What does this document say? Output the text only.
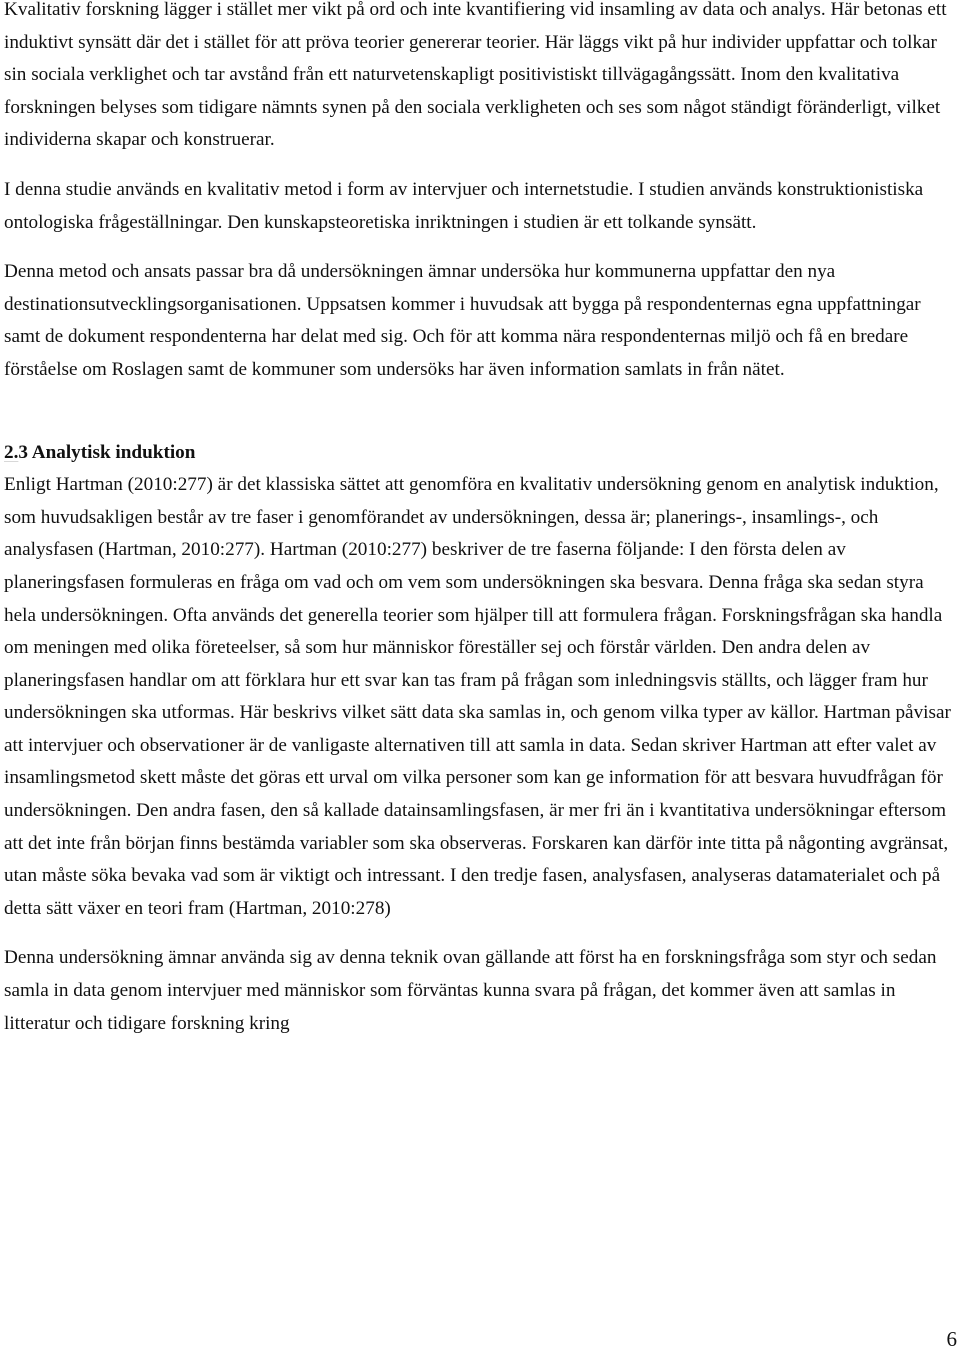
Kvalitativ forskning lägger i stället mer vikt på ord och inte kvantifiering vid insamling av data och analys. Här betonas ett induktivt synsätt där det i stället för att pröva teorier genererar teorier. Här läggs vikt på hur individer uppfattar och tolkar sin sociala verklighet och tar avstånd från ett naturvetenskapligt positivistiskt tillvägagångssätt. Inom den kvalitativa forskningen belyses som tidigare nämnts synen på den sociala verkligheten och ses som något ständigt föränderligt, vilket individerna skapar och konstruerar.

I denna studie används en kvalitativ metod i form av intervjuer och internetstudie. I studien används konstruktionistiska ontologiska frågeställningar. Den kunskapsteoretiska inriktningen i studien är ett tolkande synsätt.

Denna metod och ansats passar bra då undersökningen ämnar undersöka hur kommunerna uppfattar den nya destinationsutvecklingsorganisationen. Uppsatsen kommer i huvudsak att bygga på respondenternas egna uppfattningar samt de dokument respondenterna har delat med sig. Och för att komma nära respondenternas miljö och få en bredare förståelse om Roslagen samt de kommuner som undersöks har även information samlats in från nätet.

2.3 Analytisk induktion

Enligt Hartman (2010:277) är det klassiska sättet att genomföra en kvalitativ undersökning genom en analytisk induktion, som huvudsakligen består av tre faser i genomförandet av undersökningen, dessa är; planerings-, insamlings-, och analysfasen (Hartman, 2010:277). Hartman (2010:277) beskriver de tre faserna följande: I den första delen av planeringsfasen formuleras en fråga om vad och om vem som undersökningen ska besvara. Denna fråga ska sedan styra hela undersökningen. Ofta används det generella teorier som hjälper till att formulera frågan. Forskningsfrågan ska handla om meningen med olika företeelser, så som hur människor föreställer sej och förstår världen. Den andra delen av planeringsfasen handlar om att förklara hur ett svar kan tas fram på frågan som inledningsvis ställts, och lägger fram hur undersökningen ska utformas. Här beskrivs vilket sätt data ska samlas in, och genom vilka typer av källor. Hartman påvisar att intervjuer och observationer är de vanligaste alternativen till att samla in data. Sedan skriver Hartman att efter valet av insamlingsmetod skett måste det göras ett urval om vilka personer som kan ge information för att besvara huvudfrågan för undersökningen. Den andra fasen, den så kallade datainsamlingsfasen, är mer fri än i kvantitativa undersökningar eftersom att det inte från början finns bestämda variabler som ska observeras. Forskaren kan därför inte titta på någonting avgränsat, utan måste söka bevaka vad som är viktigt och intressant. I den tredje fasen, analysfasen, analyseras datamaterialet och på detta sätt växer en teori fram (Hartman, 2010:278)

Denna undersökning ämnar använda sig av denna teknik ovan gällande att först ha en forskningsfråga som styr och sedan samla in data genom intervjuer med människor som förväntas kunna svara på frågan, det kommer även att samlas in litteratur och tidigare forskning kring

6
